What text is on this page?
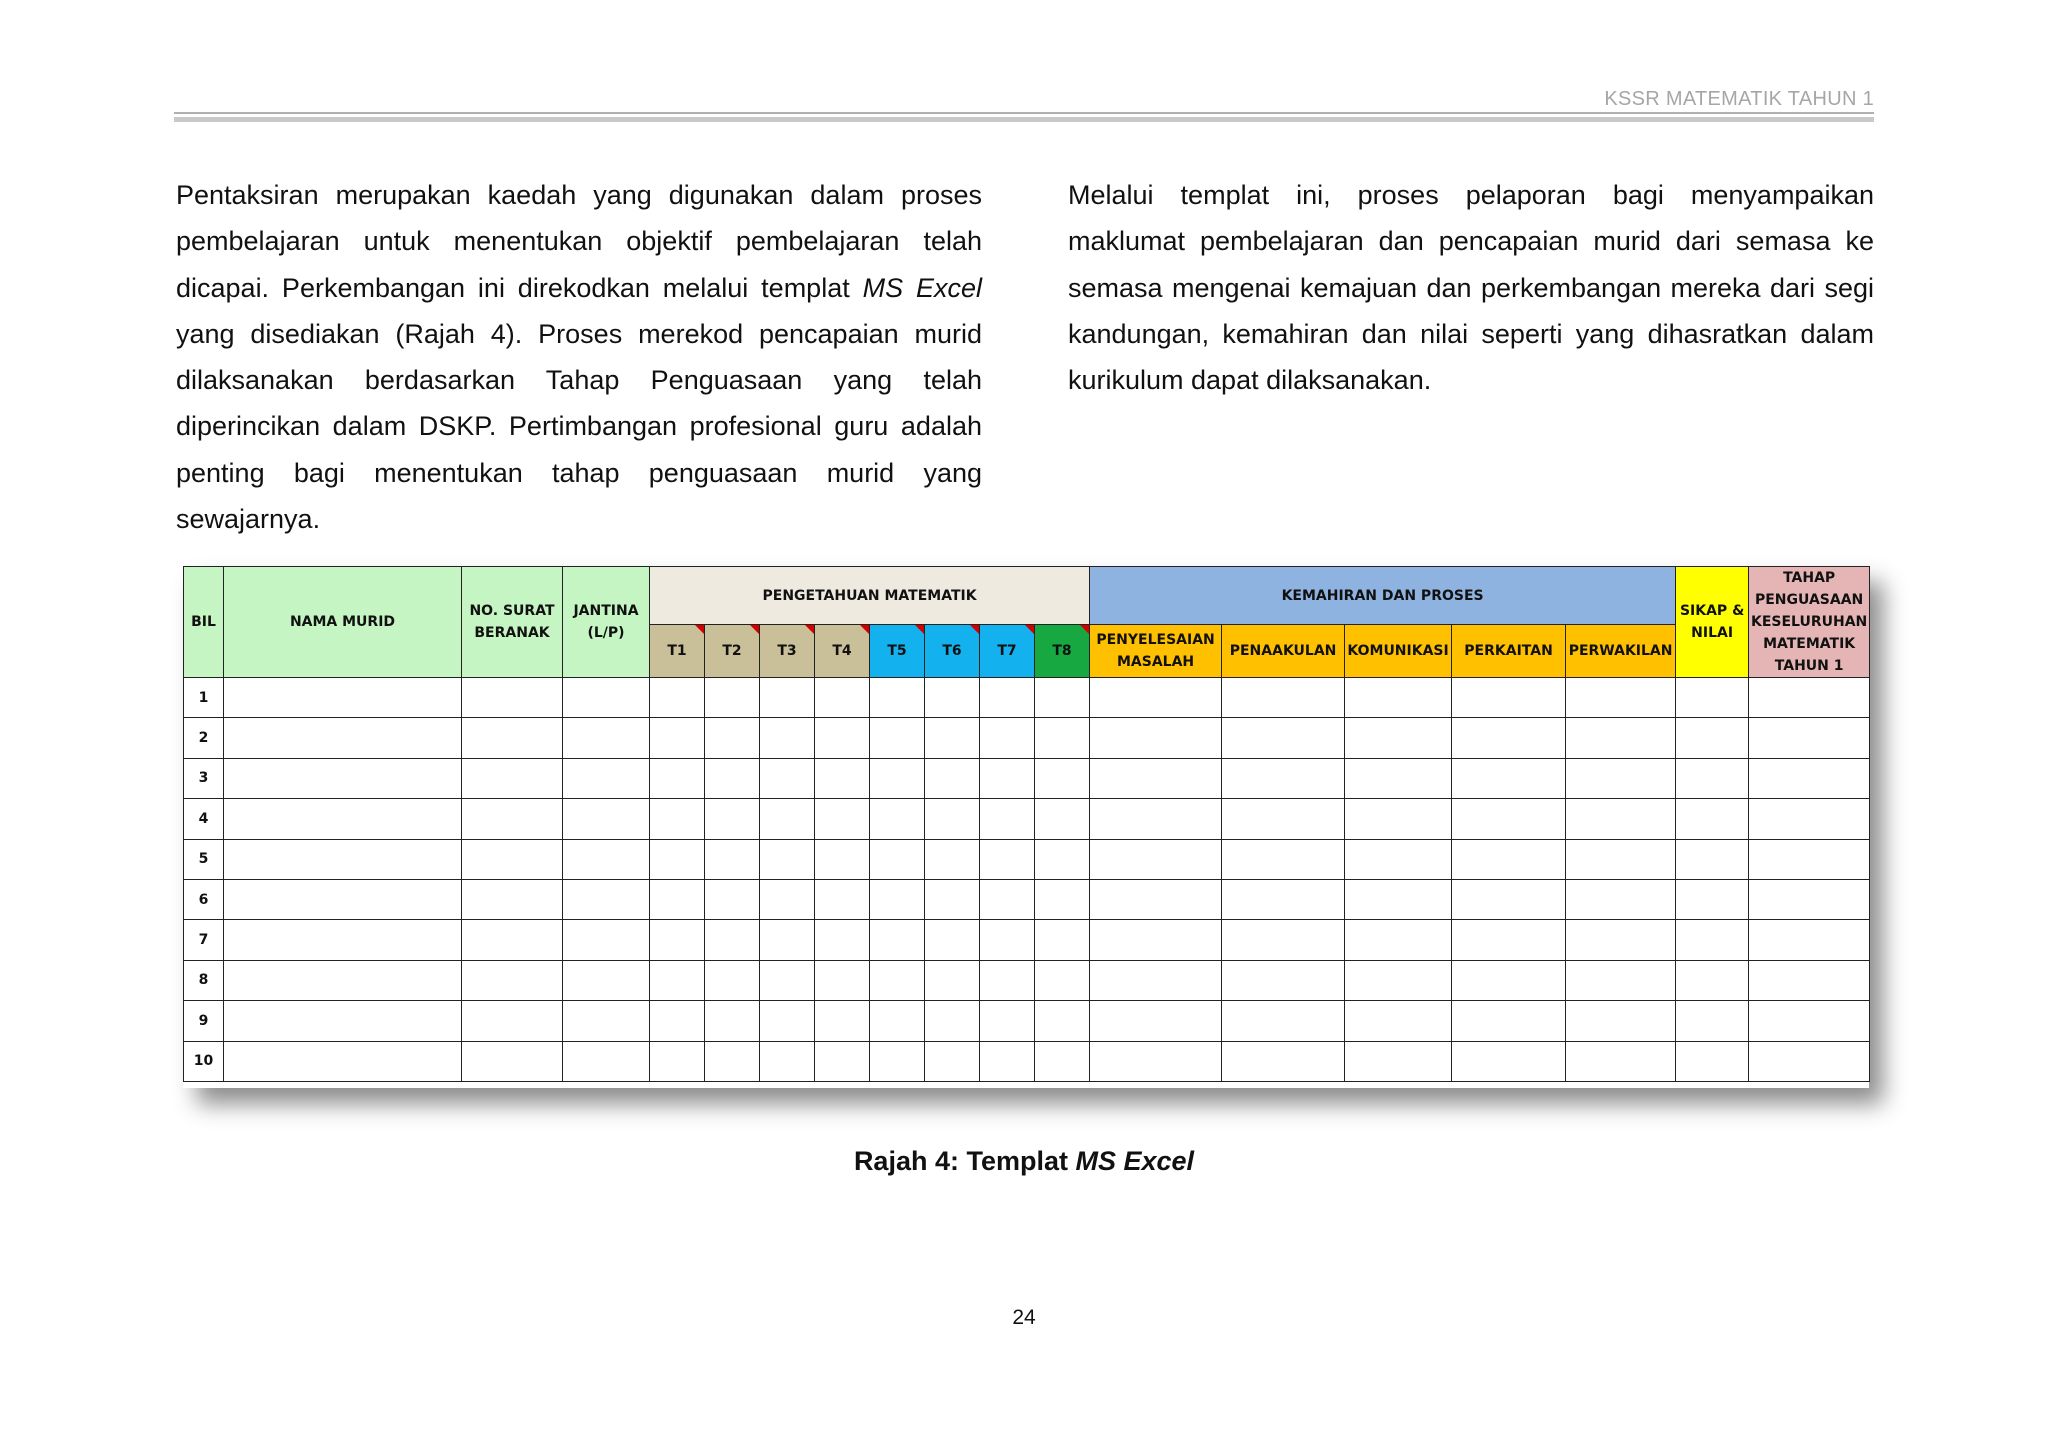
KSSR MATEMATIK TAHUN 1
Pentaksiran merupakan kaedah yang digunakan dalam proses pembelajaran untuk menentukan objektif pembelajaran telah dicapai. Perkembangan ini direkodkan melalui templat MS Excel yang disediakan (Rajah 4). Proses merekod pencapaian murid dilaksanakan berdasarkan Tahap Penguasaan yang telah diperincikan dalam DSKP. Pertimbangan profesional guru adalah penting bagi menentukan tahap penguasaan murid yang sewajarnya.
Melalui templat ini, proses pelaporan bagi menyampaikan maklumat pembelajaran dan pencapaian murid dari semasa ke semasa mengenai kemajuan dan perkembangan mereka dari segi kandungan, kemahiran dan nilai seperti yang dihasratkan dalam kurikulum dapat dilaksanakan.
BIL	NAMA MURID	NO. SURAT BERANAK	JANTINA (L/P)	PENGETAHUAN MATEMATIK								KEMAHIRAN DAN PROSES					SIKAP & NILAI	TAHAP PENGUASAAN KESELURUHAN MATEMATIK TAHUN 1
				T1	T2	T3	T4	T5	T6	T7	T8	PENYELESAIAN MASALAH	PENAAKULAN	KOMUNIKASI	PERKAITAN	PERWAKILAN		
1																		
2																		
3																		
4																		
5																		
6																		
7																		
8																		
9																		
10																		
Rajah 4: Templat MS Excel
24
